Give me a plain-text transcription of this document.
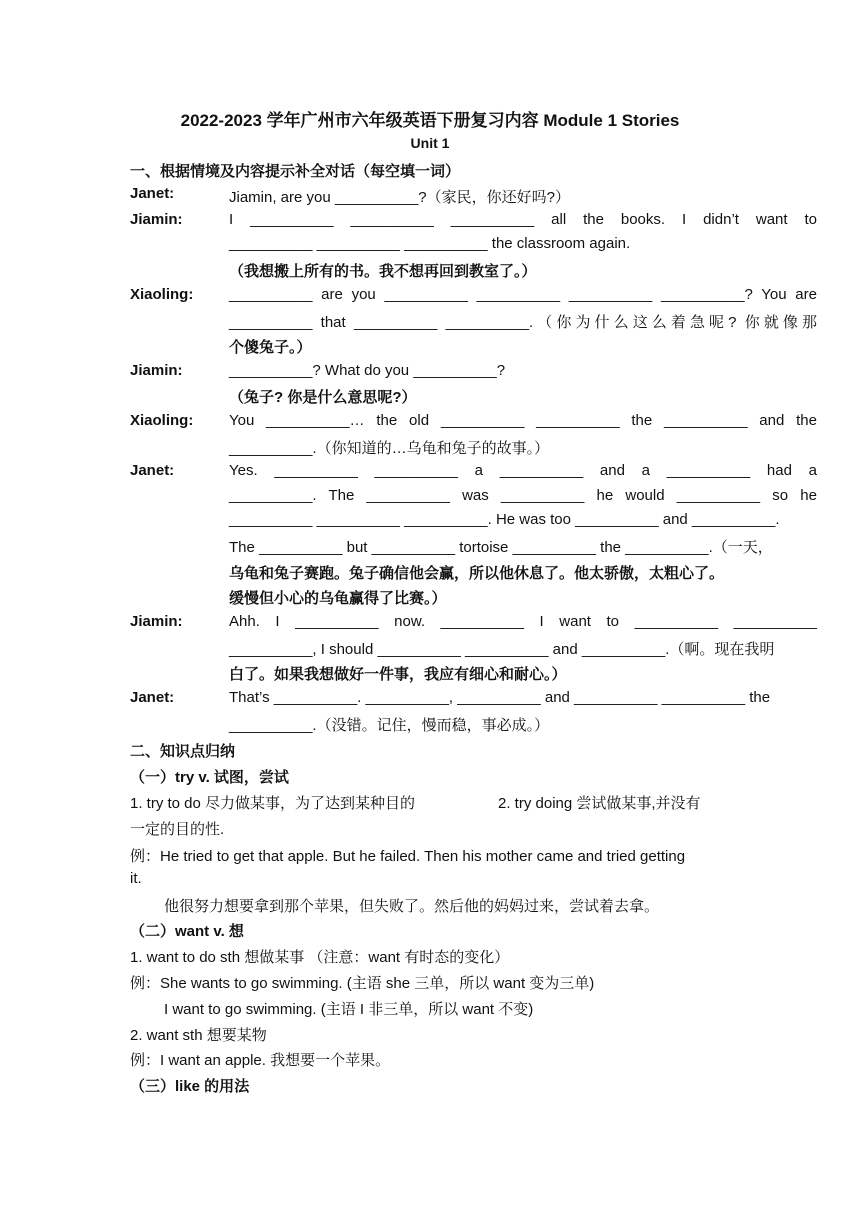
2022-2023 学年广州市六年级英语下册复习内容 Module 1 Stories
Unit 1
一、根据情境及内容提示补全对话（每空填一词）
Janet:
Jiamin:
Xiaoling:
Jiamin:
Xiaoling:
Janet:
Jiamin:
Janet:
Jiamin, are you __________?（家民，你还好吗?）
I __________ __________ __________ all the books. I didn’t want to
__________ __________ __________ the classroom again.
（我想搬上所有的书。我不想再回到教室了。）
__________ are you __________ __________ __________ __________? You are
__________ that __________ __________.（你为什么这么着急呢? 你就像那
个傻兔子。）
__________? What do you __________?
（兔子? 你是什么意思呢?）
You __________… the old __________ __________ the __________ and the
__________.（你知道的…乌龟和兔子的故事。）
Yes. __________ __________ a __________ and a __________ had a
__________. The __________ was __________ he would __________ so he
__________ __________ __________. He was too __________ and __________.
The __________ but __________ tortoise __________ the __________.（一天，
乌龟和兔子赛跑。兔子确信他会赢，所以他休息了。他太骄傲，太粗心了。
缓慢但小心的乌龟赢得了比赛。）
Ahh. I __________ now. __________ I want to __________ __________
__________, I should __________ __________ and __________.（啊。现在我明
白了。如果我想做好一件事，我应有细心和耐心。）
That’s __________. __________, __________ and __________ __________ the
__________.（没错。记住，慢而稳，事必成。）
二、知识点归纳
（一）try v. 试图，尝试
1. try to do 尽力做某事，为了达到某种目的	2. try doing 尝试做某事,并没有
一定的目的性.
例：He tried to get that apple. But he failed. Then his mother came and tried getting
it.
他很努力想要拿到那个苹果，但失败了。然后他的妈妈过来，尝试着去拿。
（二）want v. 想
1. want to do sth 想做某事 （注意：want 有时态的变化）
例：She wants to go swimming. (主语 she 三单，所以 want 变为三单)
I want to go swimming. (主语 I 非三单，所以 want 不变)
2. want sth 想要某物
例：I want an apple. 我想要一个苹果。
（三）like 的用法
